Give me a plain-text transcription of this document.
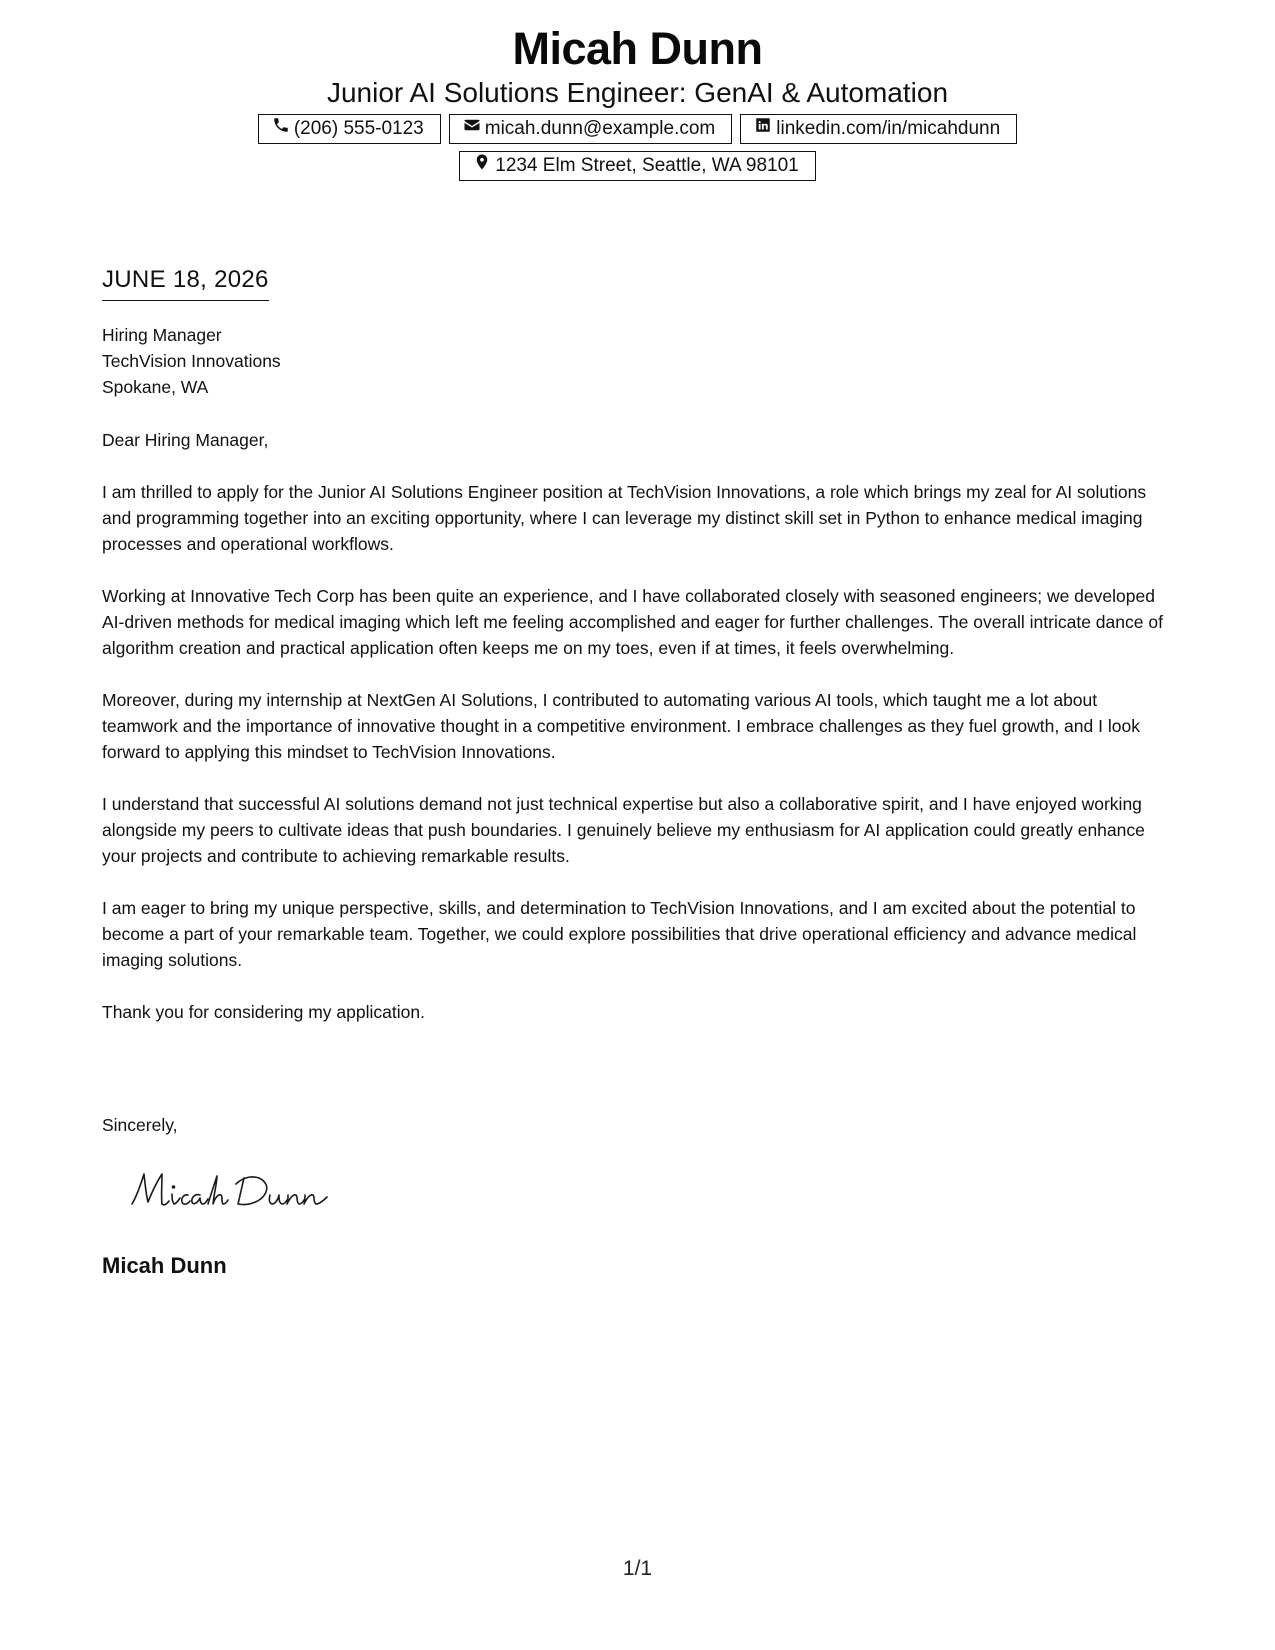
Micah Dunn

Junior AI Solutions Engineer: GenAI & Automation

(206) 555-0123	micah.dunn@example.com	linkedin.com/in/micahdunn
1234 Elm Street, Seattle, WA 98101
JUNE 18, 2026

Hiring Manager

TechVision Innovations

Spokane, WA

Dear Hiring Manager,

I am thrilled to apply for the Junior AI Solutions Engineer position at TechVision Innovations, a role which brings my zeal for AI solutions and programming together into an exciting opportunity, where I can leverage my distinct skill set in Python to enhance medical imaging processes and operational workflows.

Working at Innovative Tech Corp has been quite an experience, and I have collaborated closely with seasoned engineers; we developed AI-driven methods for medical imaging which left me feeling accomplished and eager for further challenges. The overall intricate dance of algorithm creation and practical application often keeps me on my toes, even if at times, it feels overwhelming.

Moreover, during my internship at NextGen AI Solutions, I contributed to automating various AI tools, which taught me a lot about teamwork and the importance of innovative thought in a competitive environment. I embrace challenges as they fuel growth, and I look forward to applying this mindset to TechVision Innovations.

I understand that successful AI solutions demand not just technical expertise but also a collaborative spirit, and I have enjoyed working alongside my peers to cultivate ideas that push boundaries. I genuinely believe my enthusiasm for AI application could greatly enhance your projects and contribute to achieving remarkable results.

I am eager to bring my unique perspective, skills, and determination to TechVision Innovations, and I am excited about the potential to become a part of your remarkable team. Together, we could explore possibilities that drive operational efficiency and advance medical imaging solutions.

Thank you for considering my application.

Sincerely,
Micah Dunn
1/1
